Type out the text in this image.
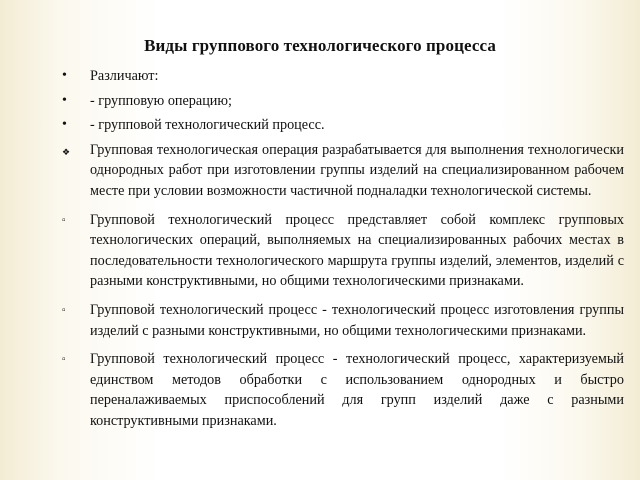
Виды группового технологического процесса
•	Различают:
•	- групповую операцию;
•	- групповой технологический процесс.
❖	Групповая технологическая операция разрабатывается для выполнения технологически однородных работ при изготовлении группы изделий на специализированном рабочем месте при условии возможности частичной подналадки технологической системы.
▫	Групповой технологический процесс представляет собой комплекс групповых технологических операций, выполняемых на специализированных рабочих местах в последовательности технологического маршрута группы изделий, элементов, изделий с разными конструктивными, но общими технологическими признаками.
▫	Групповой технологический процесс - технологический процесс изготовления группы изделий с разными конструктивными, но общими технологическими признаками.
▫	Групповой технологический процесс - технологический процесс, характеризуемый единством методов обработки с использованием однородных и быстро переналаживаемых приспособлений для групп изделий даже с разными конструктивными признаками.
